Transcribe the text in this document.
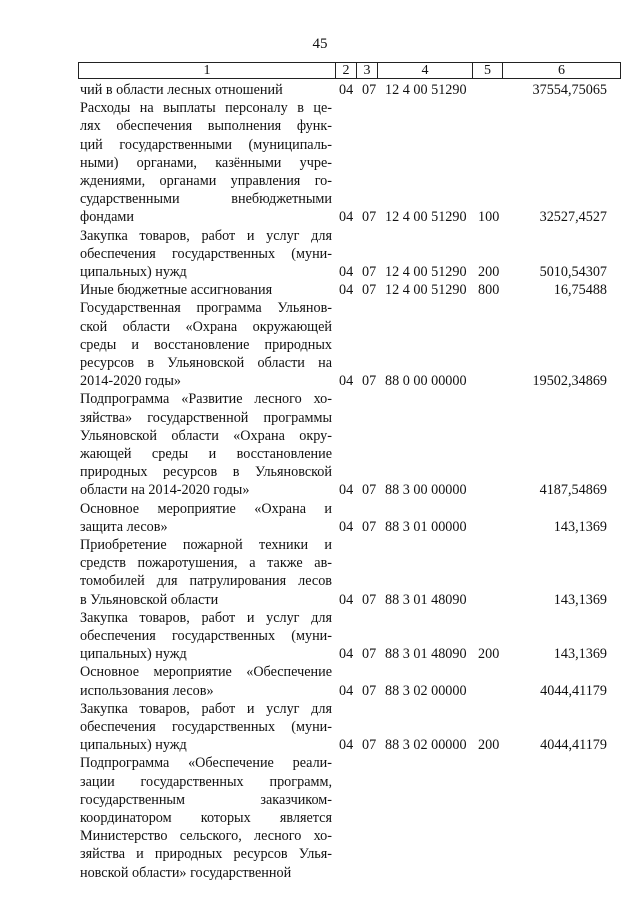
45
1	2	3	4	5	6
чий в области лесных отношений	04 07 12 4 00 51290	37554,75065
Расходы на выплаты персоналу в це-
лях обеспечения выполнения функ-
ций государственными (муниципаль-
ными) органами, казёнными учре-
ждениями, органами управления го-
сударственными внебюджетными
фондами	04 07 12 4 00 51290 100	32527,4527
Закупка товаров, работ и услуг для
обеспечения государственных (муни-
ципальных) нужд	04 07 12 4 00 51290 200	5010,54307
Иные бюджетные ассигнования	04 07 12 4 00 51290 800	16,75488
Государственная программа Ульянов-
ской области «Охрана окружающей
среды и восстановление природных
ресурсов в Ульяновской области на
2014-2020 годы»	04 07 88 0 00 00000	19502,34869
Подпрограмма «Развитие лесного хо-
зяйства» государственной программы
Ульяновской области «Охрана окру-
жающей среды и восстановление
природных ресурсов в Ульяновской
области на 2014-2020 годы»	04 07 88 3 00 00000	4187,54869
Основное мероприятие «Охрана и
защита лесов»	04 07 88 3 01 00000	143,1369
Приобретение пожарной техники и
средств пожаротушения, а также ав-
томобилей для патрулирования лесов
в Ульяновской области	04 07 88 3 01 48090	143,1369
Закупка товаров, работ и услуг для
обеспечения государственных (муни-
ципальных) нужд	04 07 88 3 01 48090 200	143,1369
Основное мероприятие «Обеспечение
использования лесов»	04 07 88 3 02 00000	4044,41179
Закупка товаров, работ и услуг для
обеспечения государственных (муни-
ципальных) нужд	04 07 88 3 02 00000 200	4044,41179
Подпрограмма «Обеспечение реали-
зации государственных программ,
государственным заказчиком-
координатором которых является
Министерство сельского, лесного хо-
зяйства и природных ресурсов Улья-
новской области» государственной
